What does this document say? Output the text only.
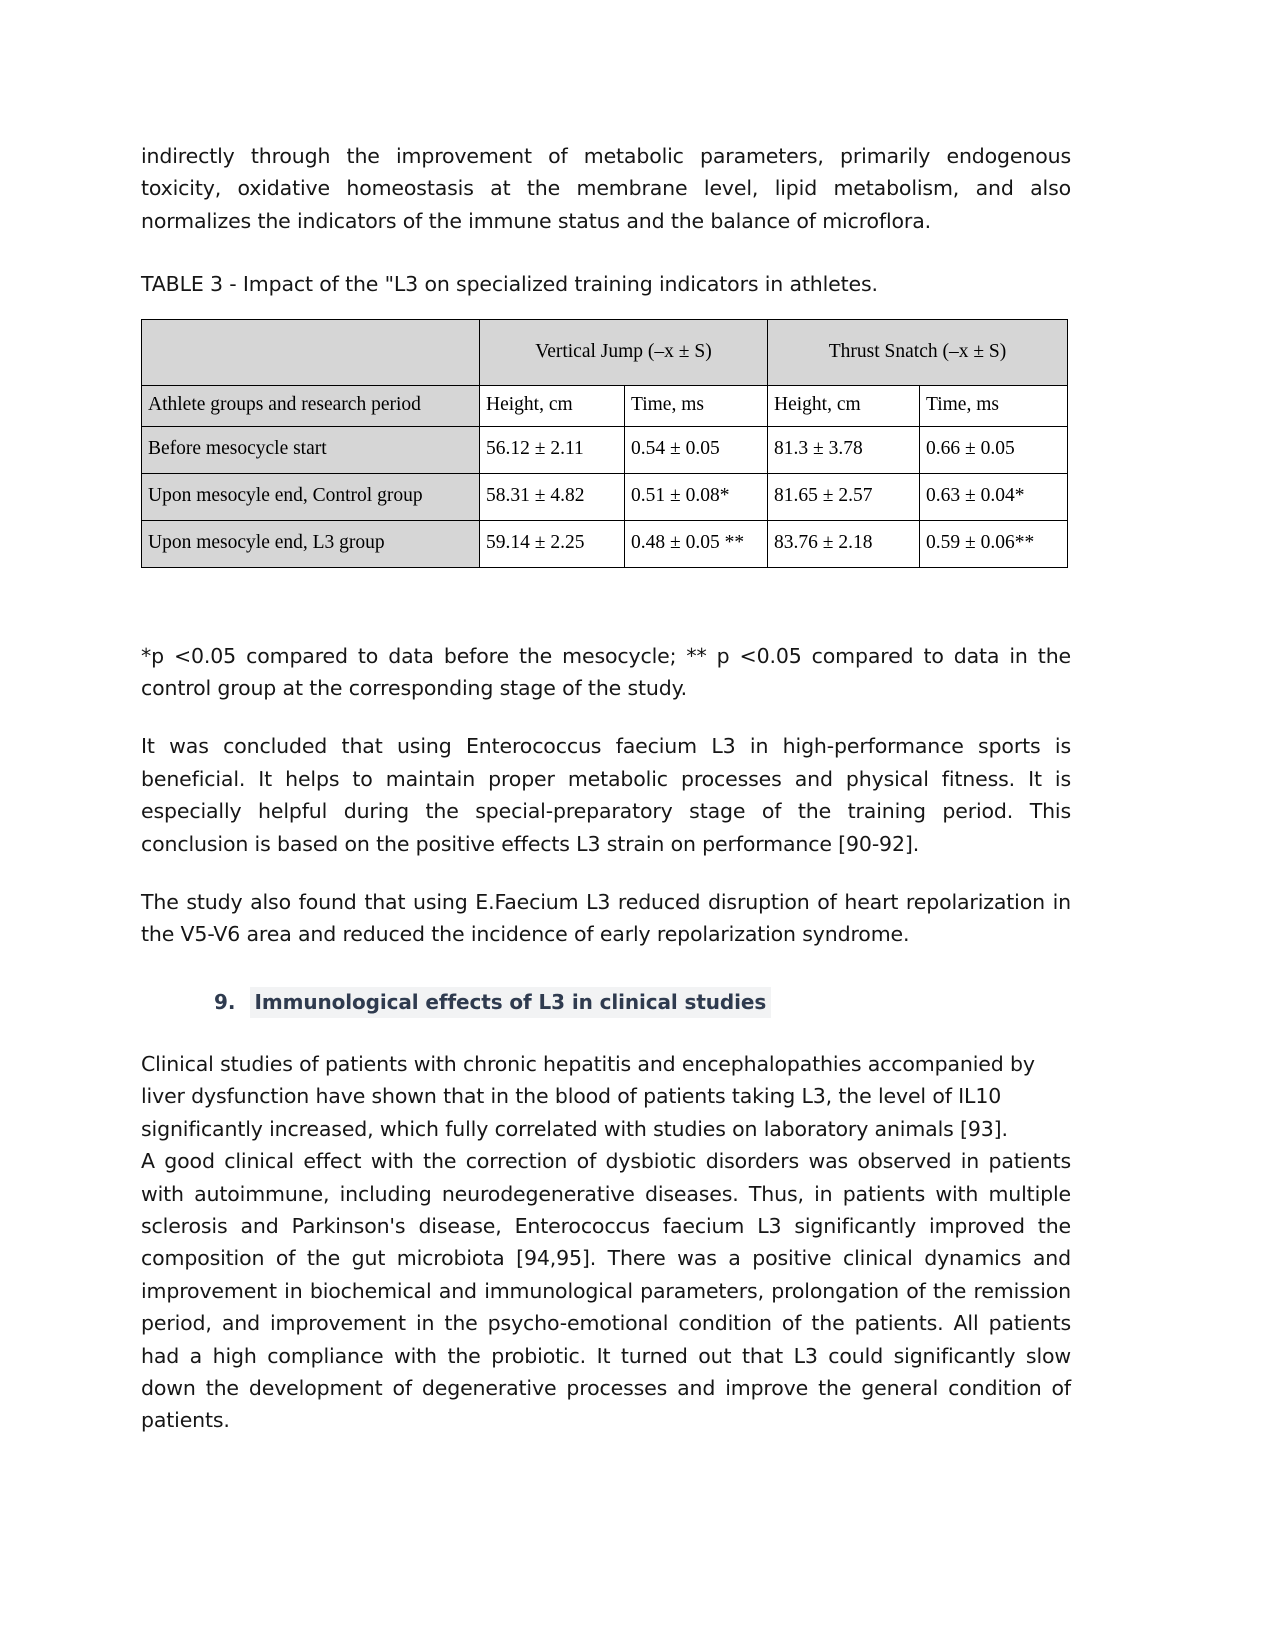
indirectly through the improvement of metabolic parameters, primarily endogenous toxicity, oxidative homeostasis at the membrane level, lipid metabolism, and also normalizes the indicators of the immune status and the balance of microflora.

TABLE 3 - Impact of the "L3 on specialized training indicators in athletes.

	Vertical Jump (–x ± S)		Thrust Snatch (–x ± S)	
Athlete groups and research period	Height, cm	Time, ms	Height, cm	Time, ms
Before mesocycle start	56.12 ± 2.11	0.54 ± 0.05	81.3 ± 3.78	0.66 ± 0.05
Upon mesocyle end, Control group	58.31 ± 4.82	0.51 ± 0.08*	81.65 ± 2.57	0.63 ± 0.04*
Upon mesocyle end, L3 group	59.14 ± 2.25	0.48 ± 0.05 **	83.76 ± 2.18	0.59 ± 0.06**

*p <0.05 compared to data before the mesocycle; ** p <0.05 compared to data in the control group at the corresponding stage of the study.

It was concluded that using Enterococcus faecium L3 in high-performance sports is beneficial. It helps to maintain proper metabolic processes and physical fitness. It is especially helpful during the special-preparatory stage of the training period. This conclusion is based on the positive effects L3 strain on performance [90-92].

The study also found that using E.Faecium L3 reduced disruption of heart repolarization in the V5-V6 area and reduced the incidence of early repolarization syndrome.

9. Immunological effects of L3 in clinical studies

Clinical studies of patients with chronic hepatitis and encephalopathies accompanied by liver dysfunction have shown that in the blood of patients taking L3, the level of IL10 significantly increased, which fully correlated with studies on laboratory animals [93].

A good clinical effect with the correction of dysbiotic disorders was observed in patients with autoimmune, including neurodegenerative diseases. Thus, in patients with multiple sclerosis and Parkinson's disease, Enterococcus faecium L3 significantly improved the composition of the gut microbiota [94,95]. There was a positive clinical dynamics and improvement in biochemical and immunological parameters, prolongation of the remission period, and improvement in the psycho-emotional condition of the patients. All patients had a high compliance with the probiotic. It turned out that L3 could significantly slow down the development of degenerative processes and improve the general condition of patients.
